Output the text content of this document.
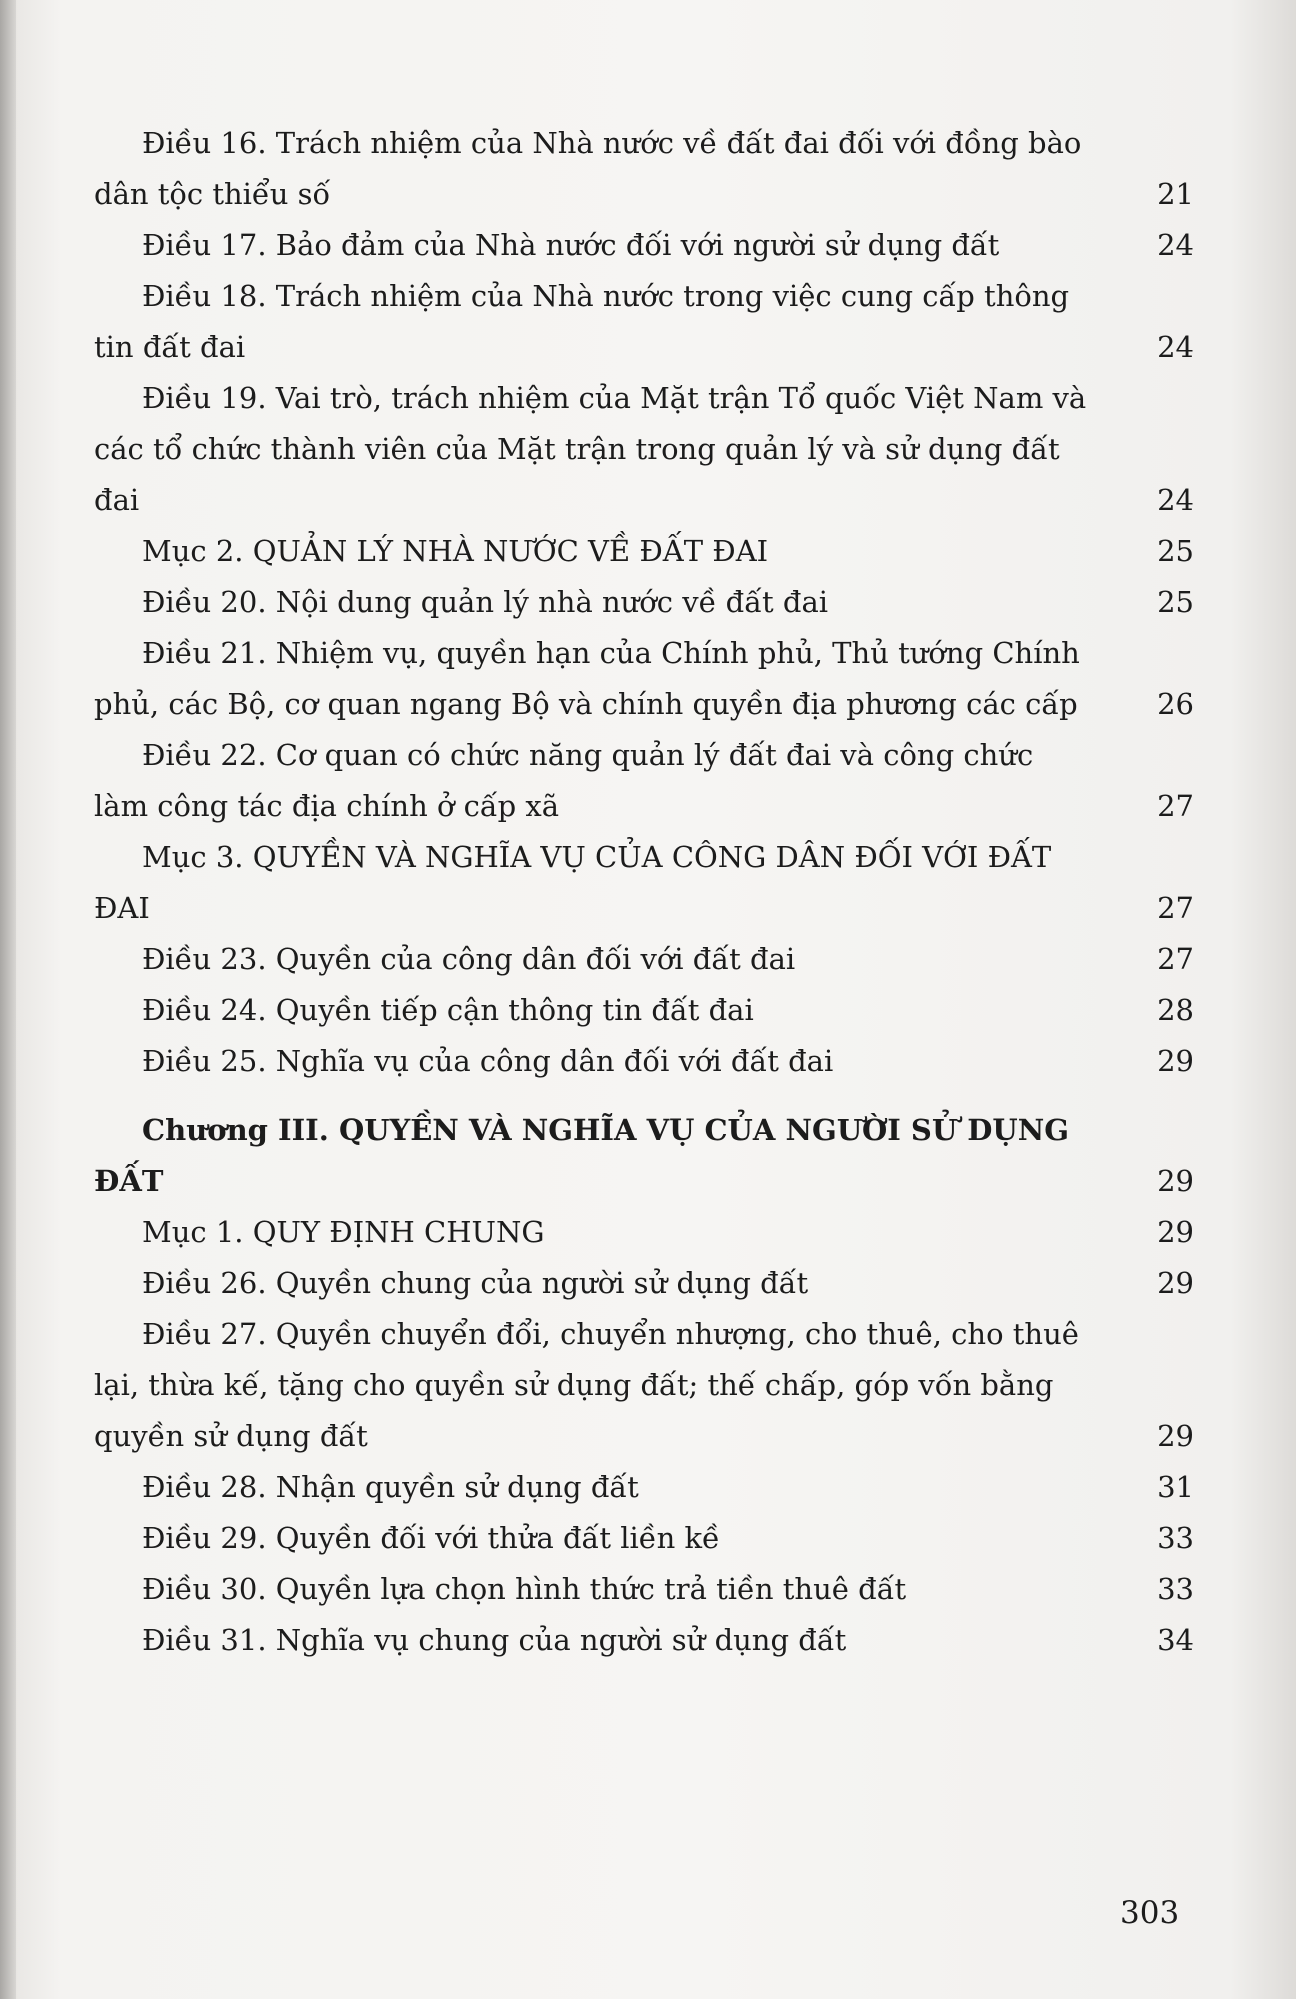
Điều 16. Trách nhiệm của Nhà nước về đất đai đối với đồng bào dân tộc thiểu số	21
Điều 17. Bảo đảm của Nhà nước đối với người sử dụng đất	24
Điều 18. Trách nhiệm của Nhà nước trong việc cung cấp thông tin đất đai	24
Điều 19. Vai trò, trách nhiệm của Mặt trận Tổ quốc Việt Nam và các tổ chức thành viên của Mặt trận trong quản lý và sử dụng đất đai	24
Mục 2. QUẢN LÝ NHÀ NƯỚC VỀ ĐẤT ĐAI	25
Điều 20. Nội dung quản lý nhà nước về đất đai	25
Điều 21. Nhiệm vụ, quyền hạn của Chính phủ, Thủ tướng Chính phủ, các Bộ, cơ quan ngang Bộ và chính quyền địa phương các cấp	26
Điều 22. Cơ quan có chức năng quản lý đất đai và công chức làm công tác địa chính ở cấp xã	27
Mục 3. QUYỀN VÀ NGHĨA VỤ CỦA CÔNG DÂN ĐỐI VỚI ĐẤT ĐAI	27
Điều 23. Quyền của công dân đối với đất đai	27
Điều 24. Quyền tiếp cận thông tin đất đai	28
Điều 25. Nghĩa vụ của công dân đối với đất đai	29
Chương III. QUYỀN VÀ NGHĨA VỤ CỦA NGƯỜI SỬ DỤNG ĐẤT	29
Mục 1. QUY ĐỊNH CHUNG	29
Điều 26. Quyền chung của người sử dụng đất	29
Điều 27. Quyền chuyển đổi, chuyển nhượng, cho thuê, cho thuê lại, thừa kế, tặng cho quyền sử dụng đất; thế chấp, góp vốn bằng quyền sử dụng đất	29
Điều 28. Nhận quyền sử dụng đất	31
Điều 29. Quyền đối với thửa đất liền kề	33
Điều 30. Quyền lựa chọn hình thức trả tiền thuê đất	33
Điều 31. Nghĩa vụ chung của người sử dụng đất	34
303
